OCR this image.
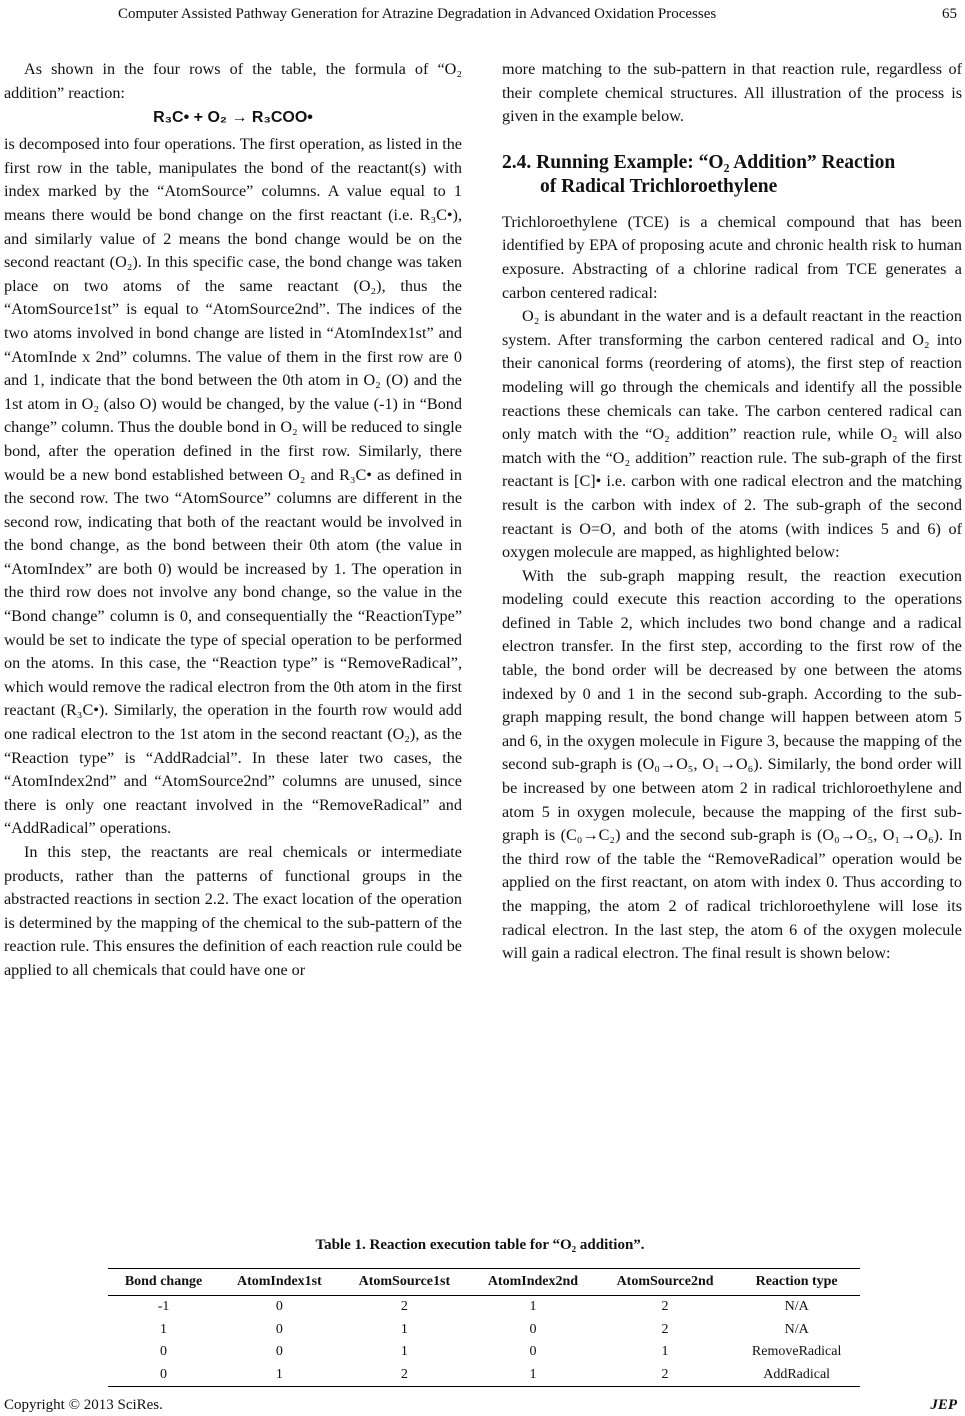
Computer Assisted Pathway Generation for Atrazine Degradation in Advanced Oxidation Processes	65

As shown in the four rows of the table, the formula of “O₂ addition” reaction:

R₃C• + O₂ → R₃COO•

is decomposed into four operations. The first operation, as listed in the first row in the table, manipulates the bond of the reactant(s) with index marked by the “AtomSource” columns. A value equal to 1 means there would be bond change on the first reactant (i.e. R₃C•), and similarly value of 2 means the bond change would be on the second reactant (O₂). In this specific case, the bond change was taken place on two atoms of the same reactant (O₂), thus the “AtomSource1st” is equal to “AtomSource2nd”. The indices of the two atoms involved in bond change are listed in “AtomIndex1st” and “AtomInde x 2nd” columns. The value of them in the first row are 0 and 1, indicate that the bond between the 0th atom in O₂ (O) and the 1st atom in O₂ (also O) would be changed, by the value (-1) in “Bond change” column. Thus the double bond in O₂ will be reduced to single bond, after the operation defined in the first row. Similarly, there would be a new bond established between O₂ and R₃C• as defined in the second row. The two “AtomSource” columns are different in the second row, indicating that both of the reactant would be involved in the bond change, as the bond between their 0th atom (the value in “AtomIndex” are both 0) would be increased by 1. The operation in the third row does not involve any bond change, so the value in the “Bond change” column is 0, and consequentially the “ReactionType” would be set to indicate the type of special operation to be performed on the atoms. In this case, the “Reaction type” is “RemoveRadical”, which would remove the radical electron from the 0th atom in the first reactant (R₃C•). Similarly, the operation in the fourth row would add one radical electron to the 1st atom in the second reactant (O₂), as the “Reaction type” is “AddRadcial”. In these later two cases, the “AtomIndex2nd” and “AtomSource2nd” columns are unused, since there is only one reactant involved in the “RemoveRadical” and “AddRadical” operations.

In this step, the reactants are real chemicals or intermediate products, rather than the patterns of functional groups in the abstracted reactions in section 2.2. The exact location of the operation is determined by the mapping of the chemical to the sub-pattern of the reaction rule. This ensures the definition of each reaction rule could be applied to all chemicals that could have one or

more matching to the sub-pattern in that reaction rule, regardless of their complete chemical structures. All illustration of the process is given in the example below.

2.4. Running Example: “O₂ Addition” Reaction
of Radical Trichloroethylene

Trichloroethylene (TCE) is a chemical compound that has been identified by EPA of proposing acute and chronic health risk to human exposure. Abstracting of a chlorine radical from TCE generates a carbon centered radical:

O₂ is abundant in the water and is a default reactant in the reaction system. After transforming the carbon centered radical and O₂ into their canonical forms (reordering of atoms), the first step of reaction modeling will go through the chemicals and identify all the possible reactions these chemicals can take. The carbon centered radical can only match with the “O₂ addition” reaction rule, while O₂ will also match with the “O₂ addition” reaction rule. The sub-graph of the first reactant is [C]• i.e. carbon with one radical electron and the matching result is the carbon with index of 2. The sub-graph of the second reactant is O=O, and both of the atoms (with indices 5 and 6) of oxygen molecule are mapped, as highlighted below:

With the sub-graph mapping result, the reaction execution modeling could execute this reaction according to the operations defined in Table 2, which includes two bond change and a radical electron transfer. In the first step, according to the first row of the table, the bond order will be decreased by one between the atoms indexed by 0 and 1 in the second sub-graph. According to the sub-graph mapping result, the bond change will happen between atom 5 and 6, in the oxygen molecule in Figure 3, because the mapping of the second sub-graph is (O₀→O₅, O₁→O₆). Similarly, the bond order will be increased by one between atom 2 in radical trichloroethylene and atom 5 in oxygen molecule, because the mapping of the first sub-graph is (C₀→C₂) and the second sub-graph is (O₀→O₅, O₁→O₆). In the third row of the table the “RemoveRadical” operation would be applied on the first reactant, on atom with index 0. Thus according to the mapping, the atom 2 of radical trichloroethylene will lose its radical electron. In the last step, the atom 6 of the oxygen molecule will gain a radical electron. The final result is shown below:

Table 1. Reaction execution table for “O₂ addition”.
Bond change	AtomIndex1st	AtomSource1st	AtomIndex2nd	AtomSource2nd	Reaction type
-1	0	2	1	2	N/A
1	0	1	0	2	N/A
0	0	1	0	1	RemoveRadical
0	1	2	1	2	AddRadical
Copyright © 2013 SciRes.	JEP
